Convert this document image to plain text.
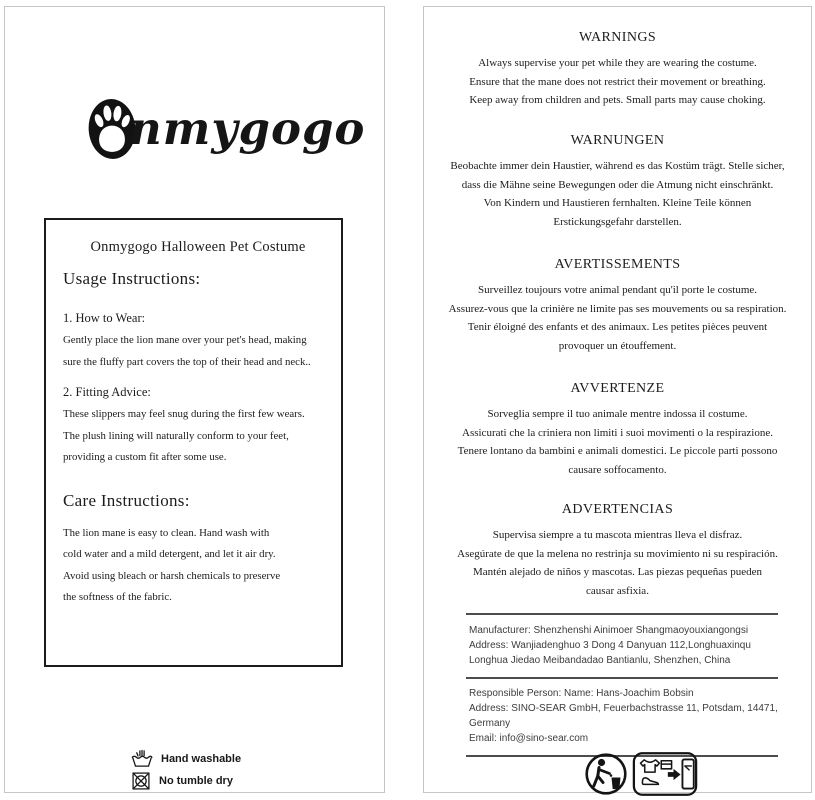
nmygogo
Onmygogo Halloween Pet Costume
Usage Instructions:
1. How to Wear:
Gently place the lion mane over your pet's head, making
sure the fluffy part covers the top of their head and neck..
2. Fitting Advice:
These slippers may feel snug during the first few wears.
The plush lining will naturally conform to your feet,
providing a custom fit after some use.
Care Instructions:
The lion mane is easy to clean. Hand wash with
cold water and a mild detergent, and let it air dry.
Avoid using bleach or harsh chemicals to preserve
the softness of the fabric.
Hand washable
No tumble dry
WARNINGS
Always supervise your pet while they are wearing the costume.
Ensure that the mane does not restrict their movement or breathing.
Keep away from children and pets. Small parts may cause choking.
WARNUNGEN
Beobachte immer dein Haustier, während es das Kostüm trägt. Stelle sicher,
dass die Mähne seine Bewegungen oder die Atmung nicht einschränkt.
Von Kindern und Haustieren fernhalten. Kleine Teile können
Erstickungsgefahr darstellen.
AVERTISSEMENTS
Surveillez toujours votre animal pendant qu'il porte le costume.
Assurez-vous que la crinière ne limite pas ses mouvements ou sa respiration.
Tenir éloigné des enfants et des animaux. Les petites pièces peuvent
provoquer un étouffement.
AVVERTENZE
Sorveglia sempre il tuo animale mentre indossa il costume.
Assicurati che la criniera non limiti i suoi movimenti o la respirazione.
Tenere lontano da bambini e animali domestici. Le piccole parti possono
causare soffocamento.
ADVERTENCIAS
Supervisa siempre a tu mascota mientras lleva el disfraz.
Asegúrate de que la melena no restrinja su movimiento ni su respiración.
Mantén alejado de niños y mascotas. Las piezas pequeñas pueden
causar asfixia.
Manufacturer: Shenzhenshi Ainimoer Shangmaoyouxiangongsi
Address: Wanjiadenghuo 3 Dong 4 Danyuan 112,Longhuaxinqu
Longhua Jiedao Meibandadao Bantianlu, Shenzhen, China
Responsible Person: Name: Hans-Joachim Bobsin
Address: SINO-SEAR GmbH, Feuerbachstrasse 11, Potsdam, 14471,
Germany
Email: info@sino-sear.com
